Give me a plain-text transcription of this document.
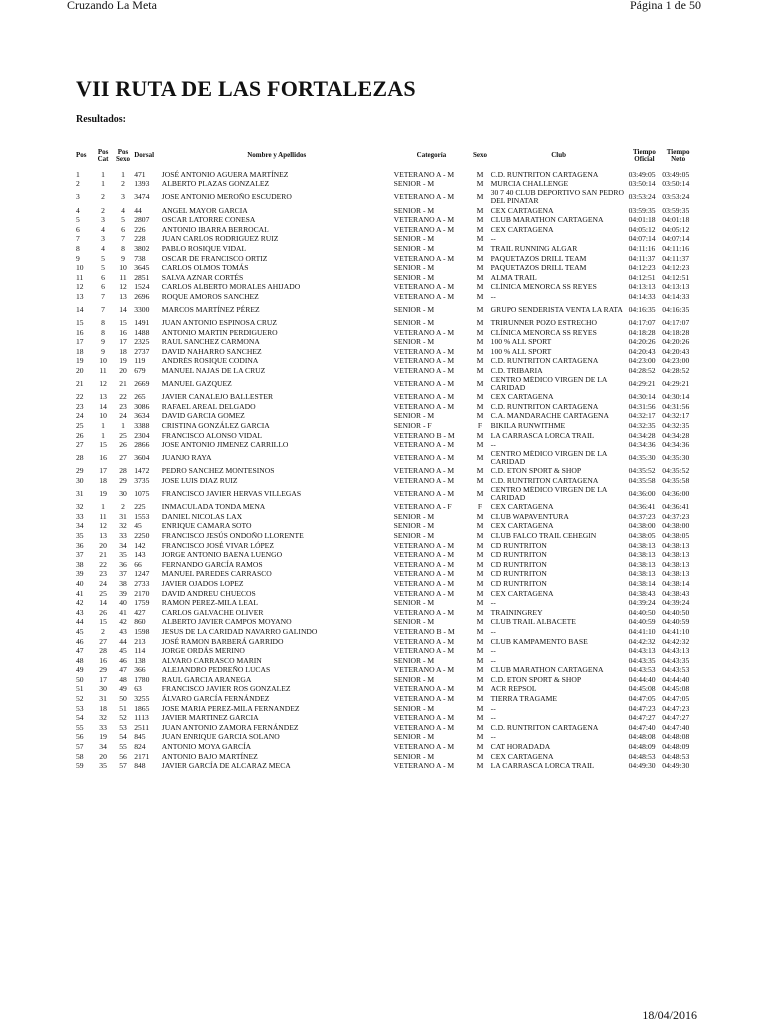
Cruzando La Meta	Página 1 de 50
VII RUTA DE LAS FORTALEZAS
Resultados:
Pos	Pos Cat	Pos Sexo	Dorsal	Nombre y Apellidos	Categoría	Sexo	Club	Tiempo Oficial	Tiempo Neto
1	1	1	471	JOSÉ ANTONIO AGUERA MARTÍNEZ	VETERANO A - M	M	C.D. RUNTRITON CARTAGENA	03:49:05	03:49:05
2	1	2	1393	ALBERTO PLAZAS GONZALEZ	SENIOR - M	M	MURCIA CHALLENGE	03:50:14	03:50:14
3	2	3	3474	JOSE ANTONIO MEROÑO ESCUDERO	VETERANO A - M	M	30 7 40 CLUB DEPORTIVO SAN PEDRO DEL PINATAR	03:53:24	03:53:24
4	2	4	44	ANGEL MAYOR GARCIA	SENIOR - M	M	CEX CARTAGENA	03:59:35	03:59:35
5	3	5	2807	OSCAR LATORRE CONESA	VETERANO A - M	M	CLUB MARATHON CARTAGENA	04:01:18	04:01:18
6	4	6	226	ANTONIO IBARRA BERROCAL	VETERANO A - M	M	CEX CARTAGENA	04:05:12	04:05:12
7	3	7	228	JUAN CARLOS RODRIGUEZ RUIZ	SENIOR - M	M	--	04:07:14	04:07:14
8	4	8	3802	PABLO ROSIQUE VIDAL	SENIOR - M	M	TRAIL RUNNING ALGAR	04:11:16	04:11:16
9	5	9	738	OSCAR DE FRANCISCO ORTIZ	VETERANO A - M	M	PAQUETAZOS DRILL TEAM	04:11:37	04:11:37
10	5	10	3645	CARLOS OLMOS TOMÁS	SENIOR - M	M	PAQUETAZOS DRILL TEAM	04:12:23	04:12:23
11	6	11	2851	SALVA AZNAR CORTÉS	SENIOR - M	M	ALMA TRAIL	04:12:51	04:12:51
12	6	12	1524	CARLOS ALBERTO MORALES AHIJADO	VETERANO A - M	M	CLÍNICA MENORCA SS REYES	04:13:13	04:13:13
13	7	13	2696	ROQUE AMOROS SANCHEZ	VETERANO A - M	M	--	04:14:33	04:14:33
14	7	14	3300	MARCOS MARTÍNEZ PÉREZ	SENIOR - M	M	GRUPO SENDERISTA VENTA LA RATA	04:16:35	04:16:35
15	8	15	1491	JUAN ANTONIO ESPINOSA CRUZ	SENIOR - M	M	TRIRUNNER POZO ESTRECHO	04:17:07	04:17:07
16	8	16	1488	ANTONIO MARTIN PERDIGUERO	VETERANO A - M	M	CLÍNICA MENORCA SS REYES	04:18:28	04:18:28
17	9	17	2325	RAUL SANCHEZ CARMONA	SENIOR - M	M	100 % ALL SPORT	04:20:26	04:20:26
18	9	18	2737	DAVID NAHARRO SANCHEZ	VETERANO A - M	M	100 % ALL SPORT	04:20:43	04:20:43
19	10	19	119	ANDRÉS ROSIQUE CODINA	VETERANO A - M	M	C.D. RUNTRITON CARTAGENA	04:23:00	04:23:00
20	11	20	679	MANUEL NAJAS DE LA CRUZ	VETERANO A - M	M	C.D. TRIBARIA	04:28:52	04:28:52
21	12	21	2669	MANUEL GAZQUEZ	VETERANO A - M	M	CENTRO MÉDICO VIRGEN DE LA CARIDAD	04:29:21	04:29:21
22	13	22	265	JAVIER CANALEJO BALLESTER	VETERANO A - M	M	CEX CARTAGENA	04:30:14	04:30:14
23	14	23	3086	RAFAEL AREAL DELGADO	VETERANO A - M	M	C.D. RUNTRITON CARTAGENA	04:31:56	04:31:56
24	10	24	3634	DAVID GARCIA GOMEZ	SENIOR - M	M	C.A. MANDARACHE CARTAGENA	04:32:17	04:32:17
25	1	1	3388	CRISTINA GONZÁLEZ GARCIA	SENIOR - F	F	BIKILA RUNWITHME	04:32:35	04:32:35
26	1	25	2304	FRANCISCO ALONSO VIDAL	VETERANO B - M	M	LA CARRASCA LORCA TRAIL	04:34:28	04:34:28
27	15	26	2866	JOSE ANTONIO JIMENEZ CARRILLO	VETERANO A - M	M	--	04:34:36	04:34:36
28	16	27	3604	JUANJO RAYA	VETERANO A - M	M	CENTRO MÉDICO VIRGEN DE LA CARIDAD	04:35:30	04:35:30
29	17	28	1472	PEDRO SANCHEZ MONTESINOS	VETERANO A - M	M	C.D. ETON SPORT & SHOP	04:35:52	04:35:52
30	18	29	3735	JOSE LUIS DIAZ RUIZ	VETERANO A - M	M	C.D. RUNTRITON CARTAGENA	04:35:58	04:35:58
31	19	30	1075	FRANCISCO JAVIER HERVAS VILLEGAS	VETERANO A - M	M	CENTRO MÉDICO VIRGEN DE LA CARIDAD	04:36:00	04:36:00
32	1	2	225	INMACULADA TONDA MENA	VETERANO A - F	F	CEX CARTAGENA	04:36:41	04:36:41
33	11	31	1553	DANIEL NICOLAS LAX	SENIOR - M	M	CLUB WAPAVENTURA	04:37:23	04:37:23
34	12	32	45	ENRIQUE CAMARA SOTO	SENIOR - M	M	CEX CARTAGENA	04:38:00	04:38:00
35	13	33	2250	FRANCISCO JESÚS ONDOÑO LLORENTE	SENIOR - M	M	CLUB FALCO TRAIL CEHEGIN	04:38:05	04:38:05
36	20	34	142	FRANCISCO JOSÉ VIVAR LÓPEZ	VETERANO A - M	M	CD RUNTRITON	04:38:13	04:38:13
37	21	35	143	JORGE ANTONIO BAENA LUENGO	VETERANO A - M	M	CD RUNTRITON	04:38:13	04:38:13
38	22	36	66	FERNANDO GARCÍA RAMOS	VETERANO A - M	M	CD RUNTRITON	04:38:13	04:38:13
39	23	37	1247	MANUEL PAREDES CARRASCO	VETERANO A - M	M	CD RUNTRITON	04:38:13	04:38:13
40	24	38	2733	JAVIER OJADOS LOPEZ	VETERANO A - M	M	CD RUNTRITON	04:38:14	04:38:14
41	25	39	2170	DAVID ANDREU CHUECOS	VETERANO A - M	M	CEX CARTAGENA	04:38:43	04:38:43
42	14	40	1759	RAMON PEREZ-MILA LEAL	SENIOR - M	M	--	04:39:24	04:39:24
43	26	41	427	CARLOS GALVACHE OLIVER	VETERANO A - M	M	TRAININGREY	04:40:50	04:40:50
44	15	42	860	ALBERTO JAVIER CAMPOS MOYANO	SENIOR - M	M	CLUB TRAIL ALBACETE	04:40:59	04:40:59
45	2	43	1598	JESUS DE LA CARIDAD NAVARRO GALINDO	VETERANO B - M	M	--	04:41:10	04:41:10
46	27	44	213	JOSÉ RAMON BARBERÁ GARRIDO	VETERANO A - M	M	CLUB KAMPAMENTO BASE	04:42:32	04:42:32
47	28	45	114	JORGE ORDÁS MERINO	VETERANO A - M	M	--	04:43:13	04:43:13
48	16	46	138	ALVARO CARRASCO MARIN	SENIOR - M	M	--	04:43:35	04:43:35
49	29	47	366	ALEJANDRO PEDREÑO LUCAS	VETERANO A - M	M	CLUB MARATHON CARTAGENA	04:43:53	04:43:53
50	17	48	1780	RAUL GARCIA ARANEGA	SENIOR - M	M	C.D. ETON SPORT & SHOP	04:44:40	04:44:40
51	30	49	63	FRANCISCO JAVIER ROS GONZALEZ	VETERANO A - M	M	ACR REPSOL	04:45:08	04:45:08
52	31	50	3255	ÁLVARO GARCÍA FERNÁNDEZ	VETERANO A - M	M	TIERRA TRAGAME	04:47:05	04:47:05
53	18	51	1865	JOSE MARIA PEREZ-MILA FERNANDEZ	SENIOR - M	M	--	04:47:23	04:47:23
54	32	52	1113	JAVIER MARTINEZ GARCIA	VETERANO A - M	M	--	04:47:27	04:47:27
55	33	53	2511	JUAN ANTONIO ZAMORA FERNÁNDEZ	VETERANO A - M	M	C.D. RUNTRITON CARTAGENA	04:47:40	04:47:40
56	19	54	845	JUAN ENRIQUE GARCIA SOLANO	SENIOR - M	M	--	04:48:08	04:48:08
57	34	55	824	ANTONIO MOYA GARCÍA	VETERANO A - M	M	CAT HORADADA	04:48:09	04:48:09
58	20	56	2171	ANTONIO BAJO MARTÍNEZ	SENIOR - M	M	CEX CARTAGENA	04:48:53	04:48:53
59	35	57	848	JAVIER GARCÍA DE ALCARAZ MECA	VETERANO A - M	M	LA CARRASCA LORCA TRAIL	04:49:30	04:49:30
18/04/2016
